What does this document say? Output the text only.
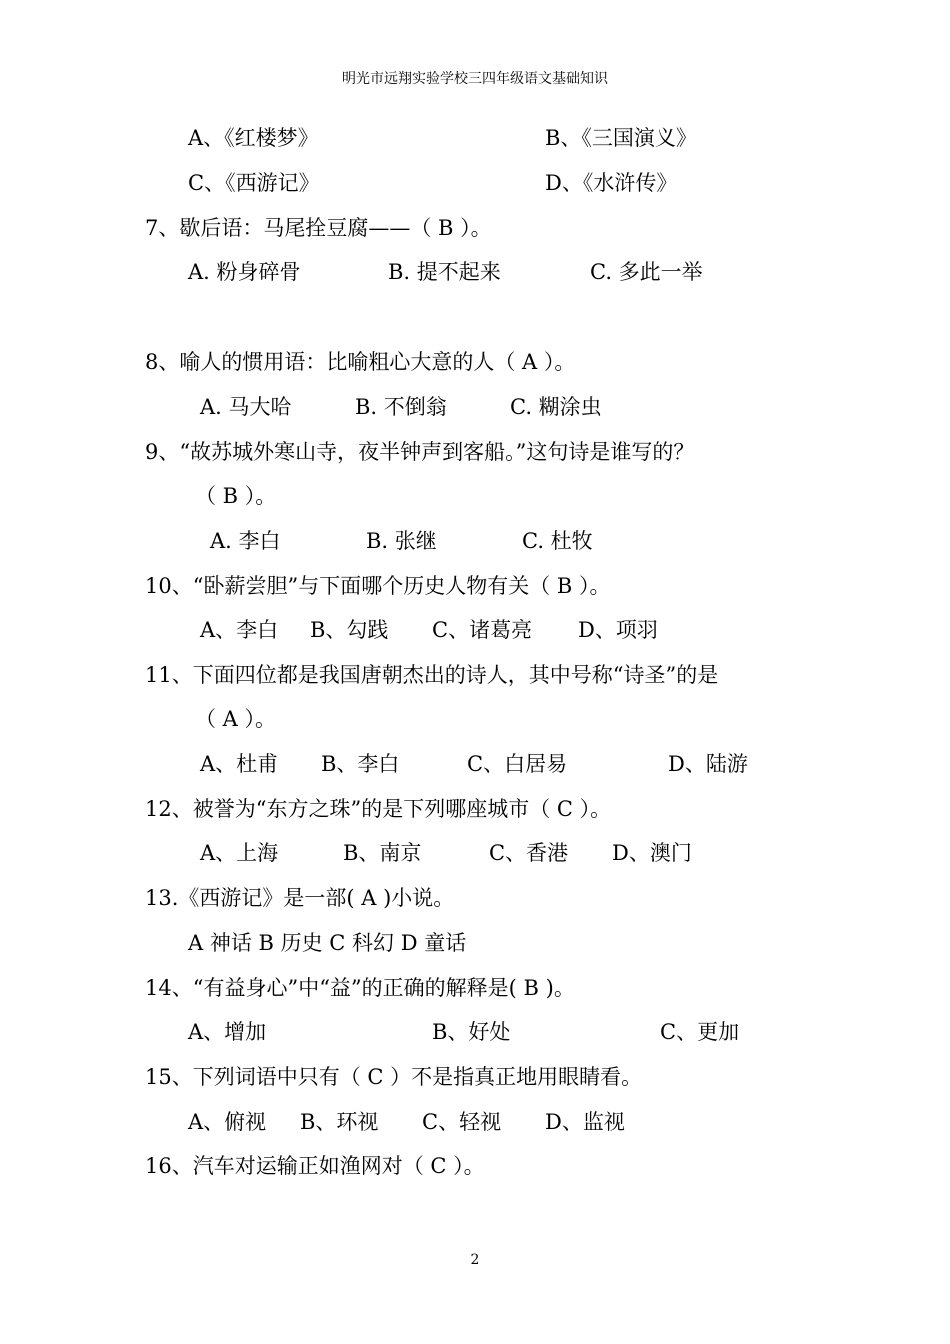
明光市远翔实验学校三四年级语文基础知识
A、《红楼梦》	B、《三国演义》
C、《西游记》	D、《水浒传》
7、歇后语：马尾拴豆腐——（ B ）。
A. 粉身碎骨	B. 提不起来	C. 多此一举
8、喻人的惯用语：比喻粗心大意的人（ A ）。
A. 马大哈	B. 不倒翁	C. 糊涂虫
9、“故苏城外寒山寺，夜半钟声到客船。”这句诗是谁写的？
（ B ）。
A. 李白	B. 张继	C. 杜牧
10、“卧薪尝胆”与下面哪个历史人物有关（ B ）。
A、李白 B、勾践 C、诸葛亮 D、项羽
11、下面四位都是我国唐朝杰出的诗人，其中号称“诗圣”的是
（ A ）。
A、杜甫 B、李白	C、白居易	D、陆游
12、被誉为“东方之珠”的是下列哪座城市（ C ）。
A、上海	B、南京	C、香港 D、澳门
13.《西游记》是一部( A )小说。
A 神话 B 历史 C 科幻 D 童话
14、“有益身心”中“益”的正确的解释是( B )。
A、增加	B、好处	C、更加
15、下列词语中只有（ C ）不是指真正地用眼睛看。
A、俯视 B、环视 C、轻视 D、监视
16、汽车对运输正如渔网对（ C ）。
2
